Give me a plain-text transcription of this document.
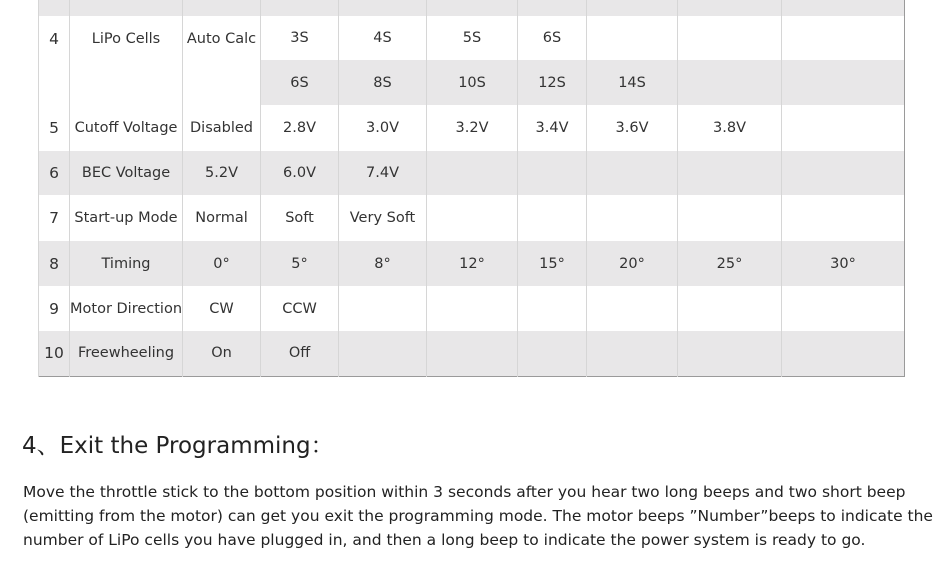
4	LiPo Cells	Auto Calc	3S	4S	5S	6S			
			6S	8S	10S	12S	14S		
5	Cutoff Voltage	Disabled	2.8V	3.0V	3.2V	3.4V	3.6V	3.8V	
6	BEC Voltage	5.2V	6.0V	7.4V					
7	Start-up Mode	Normal	Soft	Very Soft					
8	Timing	0°	5°	8°	12°	15°	20°	25°	30°
9	Motor Direction	CW	CCW						
10	Freewheeling	On	Off						
4、Exit the Programming：

Move the throttle stick to the bottom position within 3 seconds after you hear two long beeps and two short beep (emitting from the motor) can get you exit the programming mode. The motor beeps ”Number”beeps to indicate the number of LiPo cells you have plugged in, and then a long beep to indicate the power system is ready to go.
